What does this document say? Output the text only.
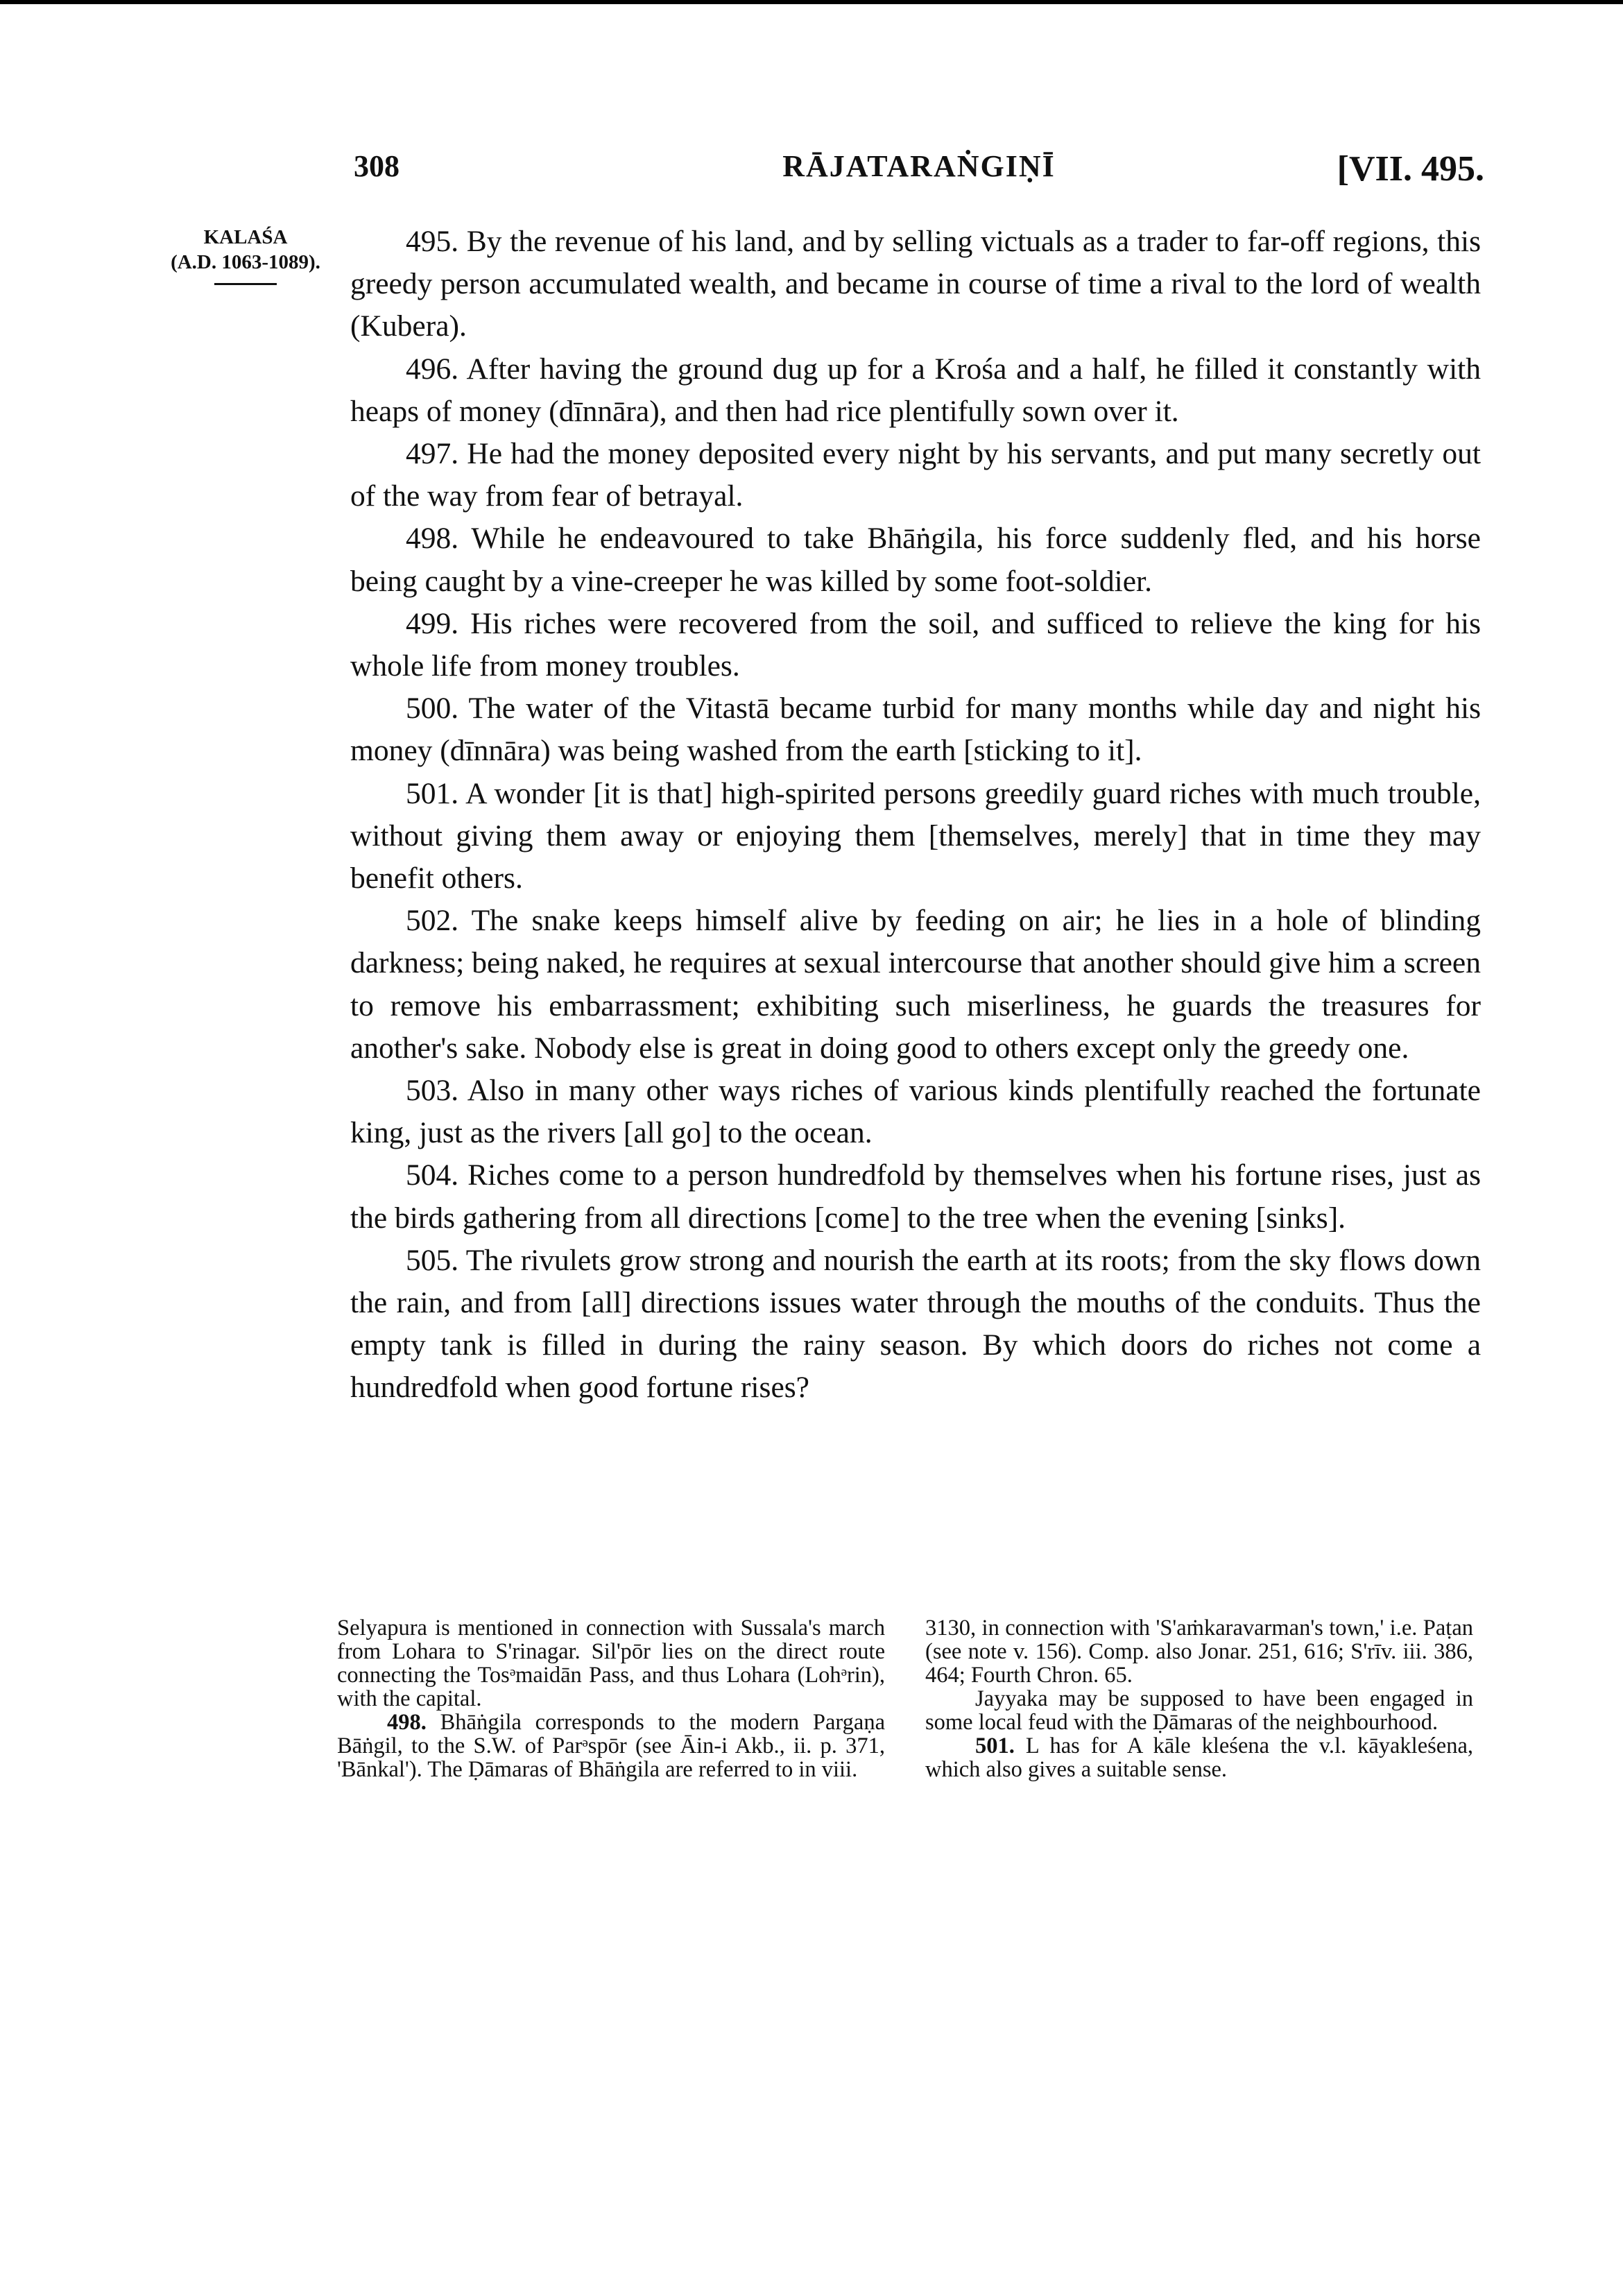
308	RĀJATARAṄGIṆĪ	[VII. 495.
KALAŚA
(A.D. 1063-1089).

495. By the revenue of his land, and by selling victuals as a trader to far-off regions, this greedy person accumulated wealth, and became in course of time a rival to the lord of wealth (Kubera).

496. After having the ground dug up for a Krośa and a half, he filled it constantly with heaps of money (dīnnāra), and then had rice plentifully sown over it.

497. He had the money deposited every night by his servants, and put many secretly out of the way from fear of betrayal.

498. While he endeavoured to take Bhāṅgila, his force suddenly fled, and his horse being caught by a vine-creeper he was killed by some foot-soldier.

499. His riches were recovered from the soil, and sufficed to relieve the king for his whole life from money troubles.

500. The water of the Vitastā became turbid for many months while day and night his money (dīnnāra) was being washed from the earth [sticking to it].

501. A wonder [it is that] high-spirited persons greedily guard riches with much trouble, without giving them away or enjoying them [themselves, merely] that in time they may benefit others.

502. The snake keeps himself alive by feeding on air; he lies in a hole of blinding darkness; being naked, he requires at sexual intercourse that another should give him a screen to remove his embarrassment; exhibiting such miserliness, he guards the treasures for another's sake. Nobody else is great in doing good to others except only the greedy one.

503. Also in many other ways riches of various kinds plentifully reached the fortunate king, just as the rivers [all go] to the ocean.

504. Riches come to a person hundredfold by themselves when his fortune rises, just as the birds gathering from all directions [come] to the tree when the evening [sinks].

505. The rivulets grow strong and nourish the earth at its roots; from the sky flows down the rain, and from [all] directions issues water through the mouths of the conduits. Thus the empty tank is filled in during the rainy season. By which doors do riches not come a hundredfold when good fortune rises?

Selyapura is mentioned in connection with Sussala's march from Lohara to S'rinagar. Sil'pōr lies on the direct route connecting the Tosᵊmaidān Pass, and thus Lohara (Lohᵊrin), with the capital.

498. Bhāṅgila corresponds to the modern Pargaṇa Bāṅgil, to the S.W. of Parᵊspōr (see Āin-i Akb., ii. p. 371, 'Bānkal'). The Ḍāmaras of Bhāṅgila are referred to in viii.

3130, in connection with 'S'aṁkaravarman's town,' i.e. Paṭan (see note v. 156). Comp. also Jonar. 251, 616; S'rīv. iii. 386, 464; Fourth Chron. 65.

Jayyaka may be supposed to have been engaged in some local feud with the Ḍāmaras of the neighbourhood.

501. L has for A kāle kleśena the v.l. kāyakleśena, which also gives a suitable sense.
